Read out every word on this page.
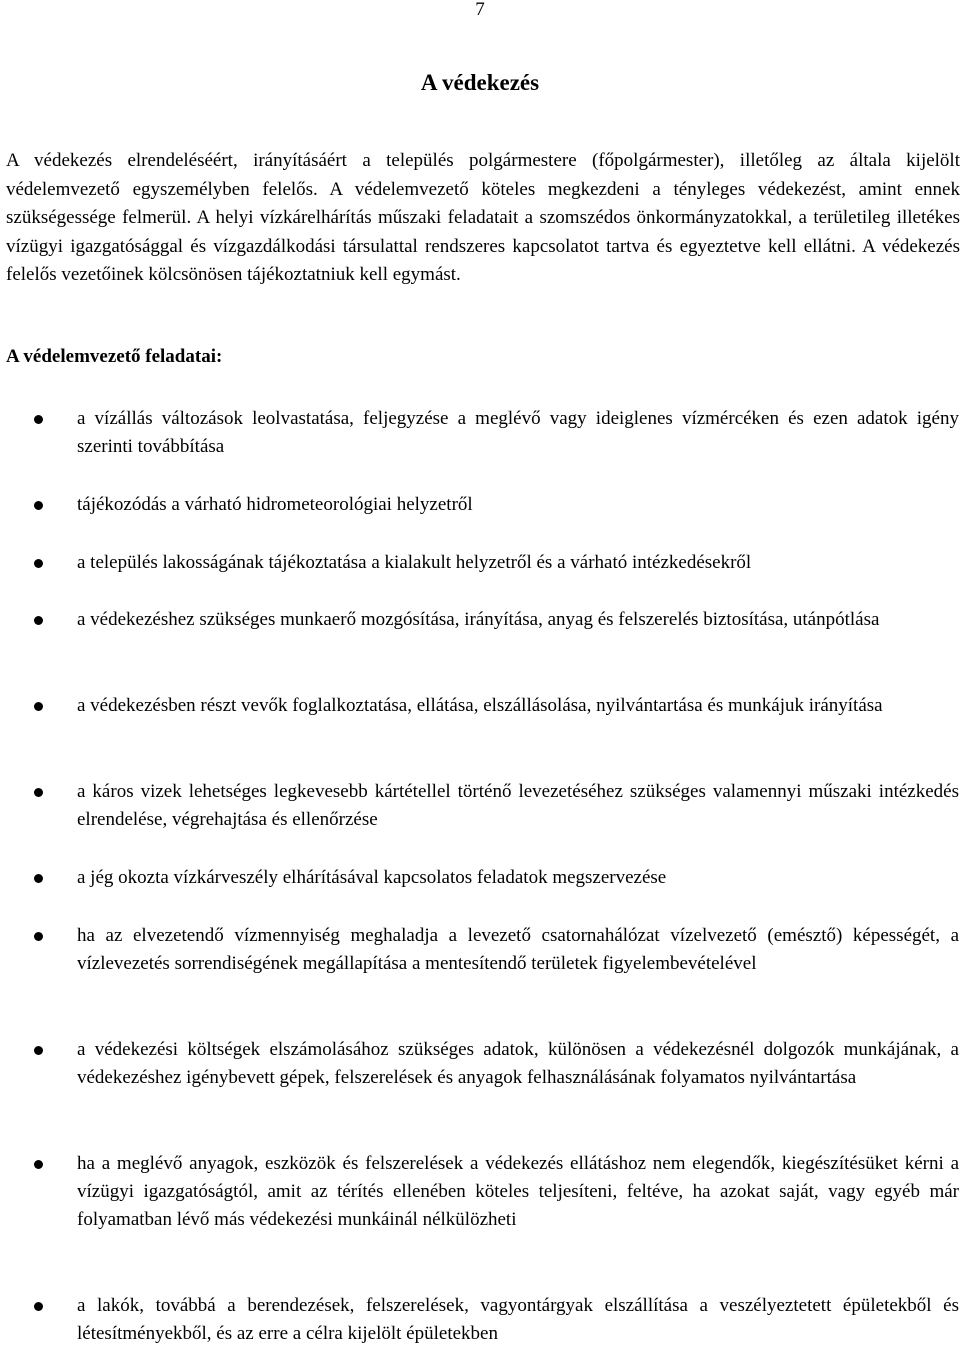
7
A védekezés

A védekezés elrendeléséért, irányításáért a település polgármestere (főpolgármester), illetőleg az általa kijelölt védelemvezető egyszemélyben felelős. A védelemvezető köteles megkezdeni a tényleges védekezést, amint ennek szükségessége felmerül. A helyi vízkárelhárítás műszaki feladatait a szomszédos önkormányzatokkal, a területileg illetékes vízügyi igazgatósággal és vízgazdálkodási társulattal rendszeres kapcsolatot tartva és egyeztetve kell ellátni. A védekezés felelős vezetőinek kölcsönösen tájékoztatniuk kell egymást.

A védelemvezető feladatai:

a vízállás változások leolvastatása, feljegyzése a meglévő vagy ideiglenes vízmércéken és ezen adatok igény szerinti továbbítása

tájékozódás a várható hidrometeorológiai helyzetről

a település lakosságának tájékoztatása a kialakult helyzetről és a várható intézkedésekről

a védekezéshez szükséges munkaerő mozgósítása, irányítása, anyag és felszerelés biztosítása, utánpótlása

a védekezésben részt vevők foglalkoztatása, ellátása, elszállásolása, nyilvántartása és munkájuk irányítása

a káros vizek lehetséges legkevesebb kártétellel történő levezetéséhez szükséges valamennyi műszaki intézkedés elrendelése, végrehajtása és ellenőrzése

a jég okozta vízkárveszély elhárításával kapcsolatos feladatok megszervezése

ha az elvezetendő vízmennyiség meghaladja a levezető csatornahálózat vízelvezető (emésztő) képességét, a vízlevezetés sorrendiségének megállapítása a mentesítendő területek figyelembevételével

a védekezési költségek elszámolásához szükséges adatok, különösen a védekezésnél dolgozók munkájának, a védekezéshez igénybevett gépek, felszerelések és anyagok felhasználásának folyamatos nyilvántartása

ha a meglévő anyagok, eszközök és felszerelések a védekezés ellátáshoz nem elegendők, kiegészítésüket kérni a vízügyi igazgatóságtól, amit az térítés ellenében köteles teljesíteni, feltéve, ha azokat saját, vagy egyéb már folyamatban lévő más védekezési munkáinál nélkülözheti

a lakók, továbbá a berendezések, felszerelések, vagyontárgyak elszállítása a veszélyeztetett épületekből és létesítményekből, és az erre a célra kijelölt épületekben
